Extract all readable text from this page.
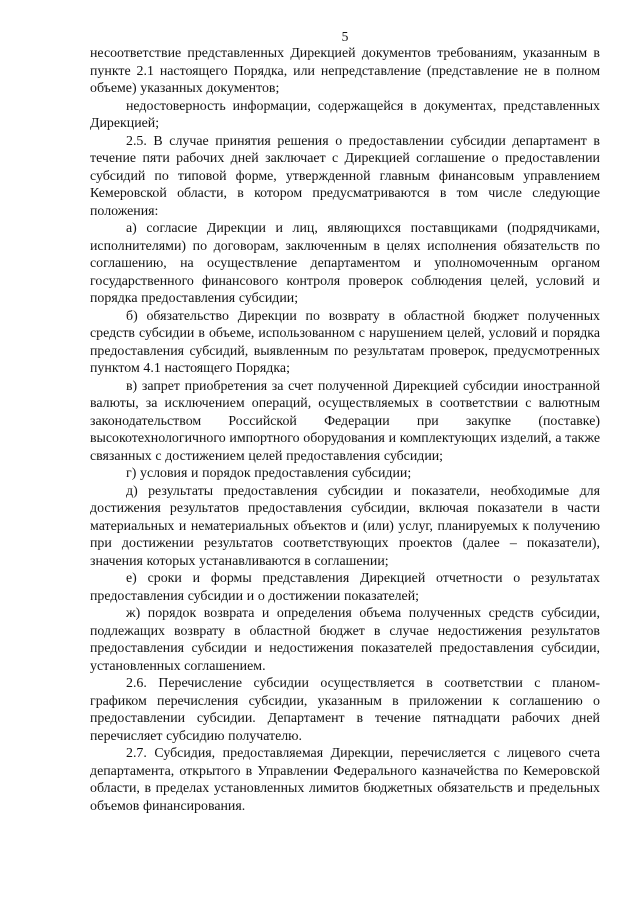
5

несоответствие представленных Дирекцией документов требованиям, указанным в пункте 2.1 настоящего Порядка, или непредставление (представление не в полном объеме) указанных документов;

недостоверность информации, содержащейся в документах, представленных Дирекцией;

2.5. В случае принятия решения о предоставлении субсидии департамент в течение пяти рабочих дней заключает с Дирекцией соглашение о предоставлении субсидий по типовой форме, утвержденной главным финансовым управлением Кемеровской области, в котором предусматриваются в том числе следующие положения:

а) согласие Дирекции и лиц, являющихся поставщиками (подрядчиками, исполнителями) по договорам, заключенным в целях исполнения обязательств по соглашению, на осуществление департаментом и уполномоченным органом государственного финансового контроля проверок соблюдения целей, условий и порядка предоставления субсидии;

б) обязательство Дирекции по возврату в областной бюджет полученных средств субсидии в объеме, использованном с нарушением целей, условий и порядка предоставления субсидий, выявленным по результатам проверок, предусмотренных пунктом 4.1 настоящего Порядка;

в) запрет приобретения за счет полученной Дирекцией субсидии иностранной валюты, за исключением операций, осуществляемых в соответствии с валютным законодательством Российской Федерации при закупке (поставке) высокотехнологичного импортного оборудования и комплектующих изделий, а также связанных с достижением целей предоставления субсидии;

г) условия и порядок предоставления субсидии;

д) результаты предоставления субсидии и показатели, необходимые для достижения результатов предоставления субсидии, включая показатели в части материальных и нематериальных объектов и (или) услуг, планируемых к получению при достижении результатов соответствующих проектов (далее – показатели), значения которых устанавливаются в соглашении;

е) сроки и формы представления Дирекцией отчетности о результатах предоставления субсидии и о достижении показателей;

ж) порядок возврата и определения объема полученных средств субсидии, подлежащих возврату в областной бюджет в случае недостижения результатов предоставления субсидии и недостижения показателей предоставления субсидии, установленных соглашением.

2.6. Перечисление субсидии осуществляется в соответствии с планом-графиком перечисления субсидии, указанным в приложении к соглашению о предоставлении субсидии. Департамент в течение пятнадцати рабочих дней перечисляет субсидию получателю.

2.7. Субсидия, предоставляемая Дирекции, перечисляется с лицевого счета департамента, открытого в Управлении Федерального казначейства по Кемеровской области, в пределах установленных лимитов бюджетных обязательств и предельных объемов финансирования.
